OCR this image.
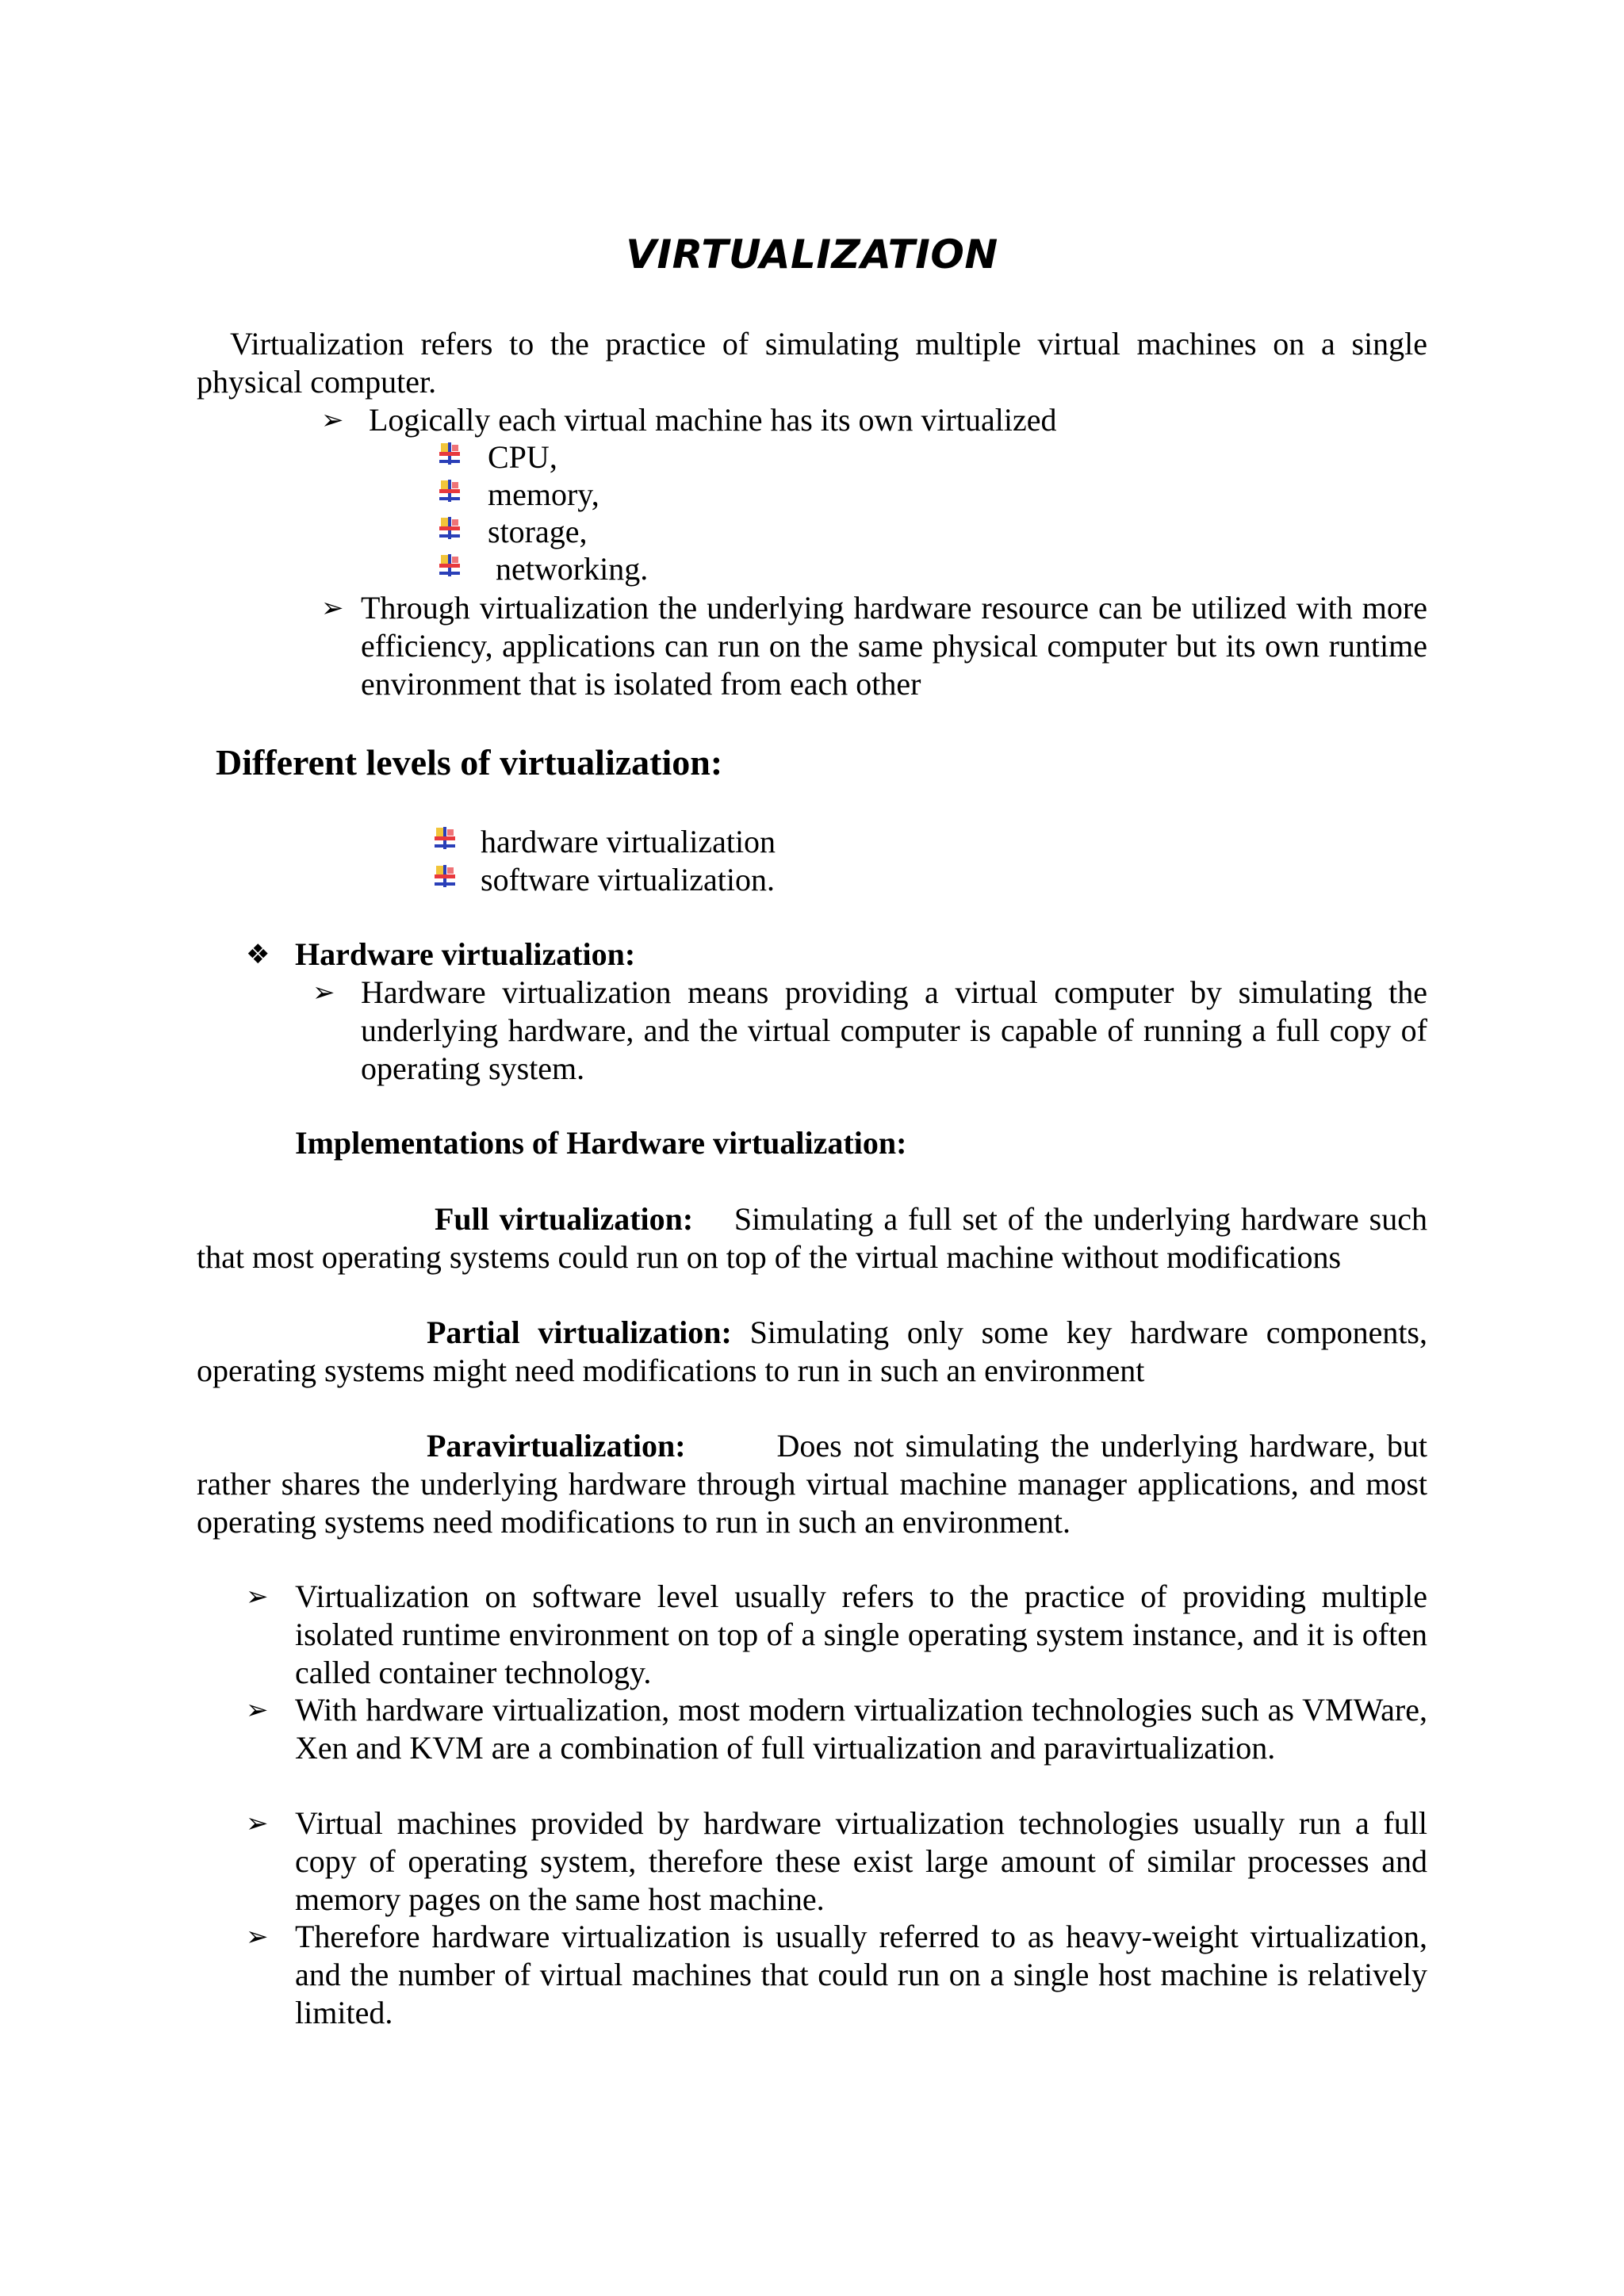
VIRTUALIZATION
Virtualization refers to the practice of simulating multiple virtual machines on a single physical computer.
➢ Logically each virtual machine has its own virtualized
CPU,
memory,
storage,
networking.
➢ Through virtualization the underlying hardware resource can be utilized with more efficiency, applications can run on the same physical computer but its own runtime environment that is isolated from each other
Different levels of virtualization:
hardware virtualization
software virtualization.
❖ Hardware virtualization:
➢ Hardware virtualization means providing a virtual computer by simulating the underlying hardware, and the virtual computer is capable of running a full copy of operating system.
Implementations of Hardware virtualization:
Full virtualization: Simulating a full set of the underlying hardware such that most operating systems could run on top of the virtual machine without modifications
Partial virtualization: Simulating only some key hardware components, operating systems might need modifications to run in such an environment
Paravirtualization:	Does not simulating the underlying hardware, but rather shares the underlying hardware through virtual machine manager applications, and most operating systems need modifications to run in such an environment.
➢ Virtualization on software level usually refers to the practice of providing multiple isolated runtime environment on top of a single operating system instance, and it is often called container technology.
➢ With hardware virtualization, most modern virtualization technologies such as VMWare, Xen and KVM are a combination of full virtualization and paravirtualization.
➢ Virtual machines provided by hardware virtualization technologies usually run a full copy of operating system, therefore these exist large amount of similar processes and memory pages on the same host machine.
➢ Therefore hardware virtualization is usually referred to as heavy-weight virtualization, and the number of virtual machines that could run on a single host machine is relatively limited.
